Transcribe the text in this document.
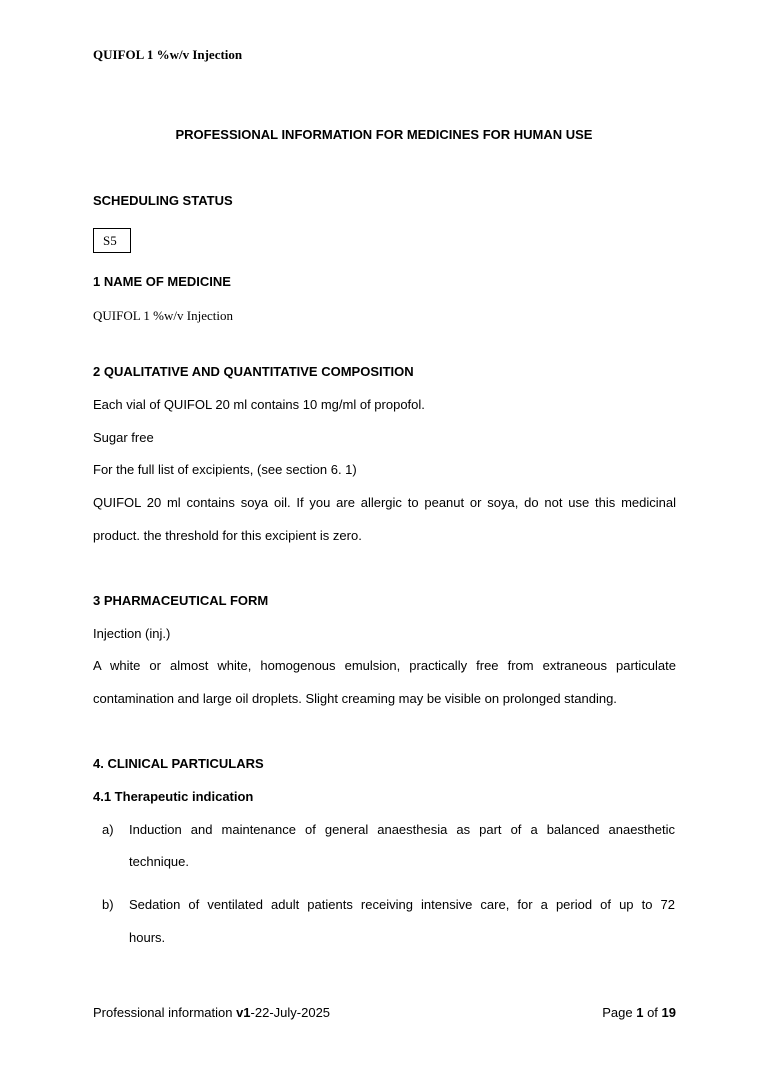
QUIFOL 1 %w/v Injection
PROFESSIONAL INFORMATION FOR MEDICINES FOR HUMAN USE
SCHEDULING STATUS
S5
1 NAME OF MEDICINE
QUIFOL 1 %w/v Injection
2 QUALITATIVE AND QUANTITATIVE COMPOSITION
Each vial of QUIFOL 20 ml contains 10 mg/ml of propofol.
Sugar free
For the full list of excipients, (see section 6. 1)
QUIFOL 20 ml contains soya oil. If you are allergic to peanut or soya, do not use this medicinal
product. the threshold for this excipient is zero.
3 PHARMACEUTICAL FORM
Injection (inj.)
A white or almost white, homogenous emulsion, practically free from extraneous particulate
contamination and large oil droplets. Slight creaming may be visible on prolonged standing.
4. CLINICAL PARTICULARS
4.1 Therapeutic indication
a) Induction and maintenance of general anaesthesia as part of a balanced anaesthetic
technique.
b) Sedation of ventilated adult patients receiving intensive care, for a period of up to 72
hours.
Professional information v1-22-July-2025	Page 1 of 19
